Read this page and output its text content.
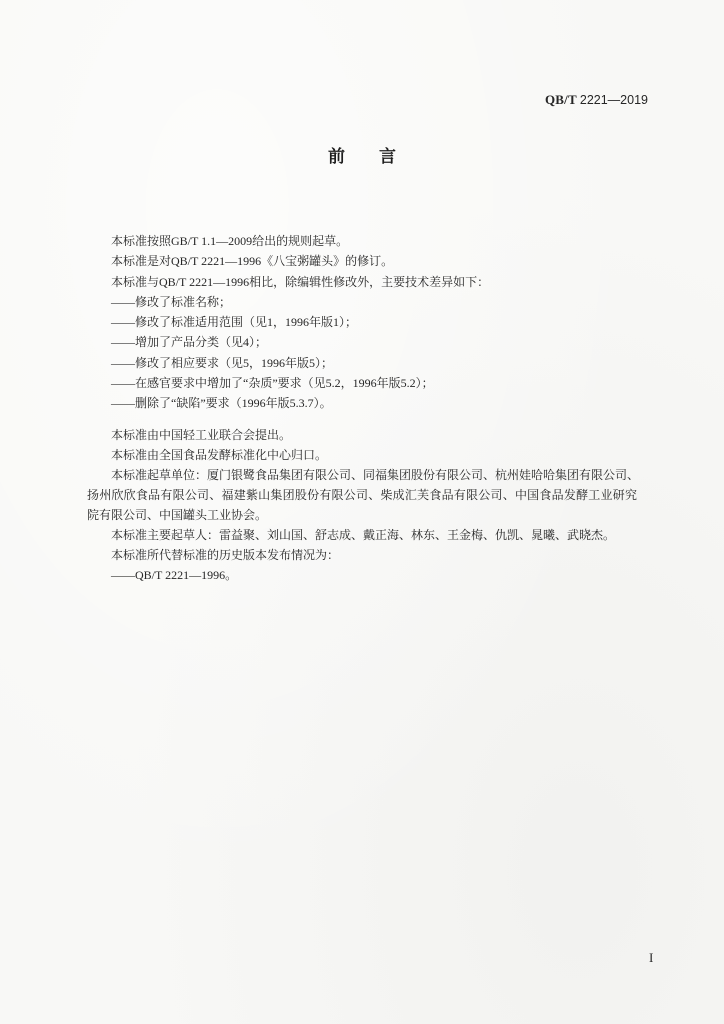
QB/T 2221—2019
前 言
本标准按照GB/T 1.1—2009给出的规则起草。
本标准是对QB/T 2221—1996《八宝粥罐头》的修订。
本标准与QB/T 2221—1996相比，除编辑性修改外，主要技术差异如下：
——修改了标准名称；
——修改了标准适用范围（见1，1996年版1）；
——增加了产品分类（见4）；
——修改了相应要求（见5，1996年版5）；
——在感官要求中增加了“杂质”要求（见5.2，1996年版5.2）；
——删除了“缺陷”要求（1996年版5.3.7）。
本标准由中国轻工业联合会提出。
本标准由全国食品发酵标准化中心归口。
本标准起草单位：厦门银鹭食品集团有限公司、同福集团股份有限公司、杭州娃哈哈集团有限公司、
扬州欣欣食品有限公司、福建紫山集团股份有限公司、柴成汇芙食品有限公司、中国食品发酵工业研究
院有限公司、中国罐头工业协会。
本标准主要起草人：雷益聚、刘山国、舒志成、戴正海、林东、王金梅、仇凯、晁曦、武晓杰。
本标准所代替标准的历史版本发布情况为：
——QB/T 2221—1996。
I
